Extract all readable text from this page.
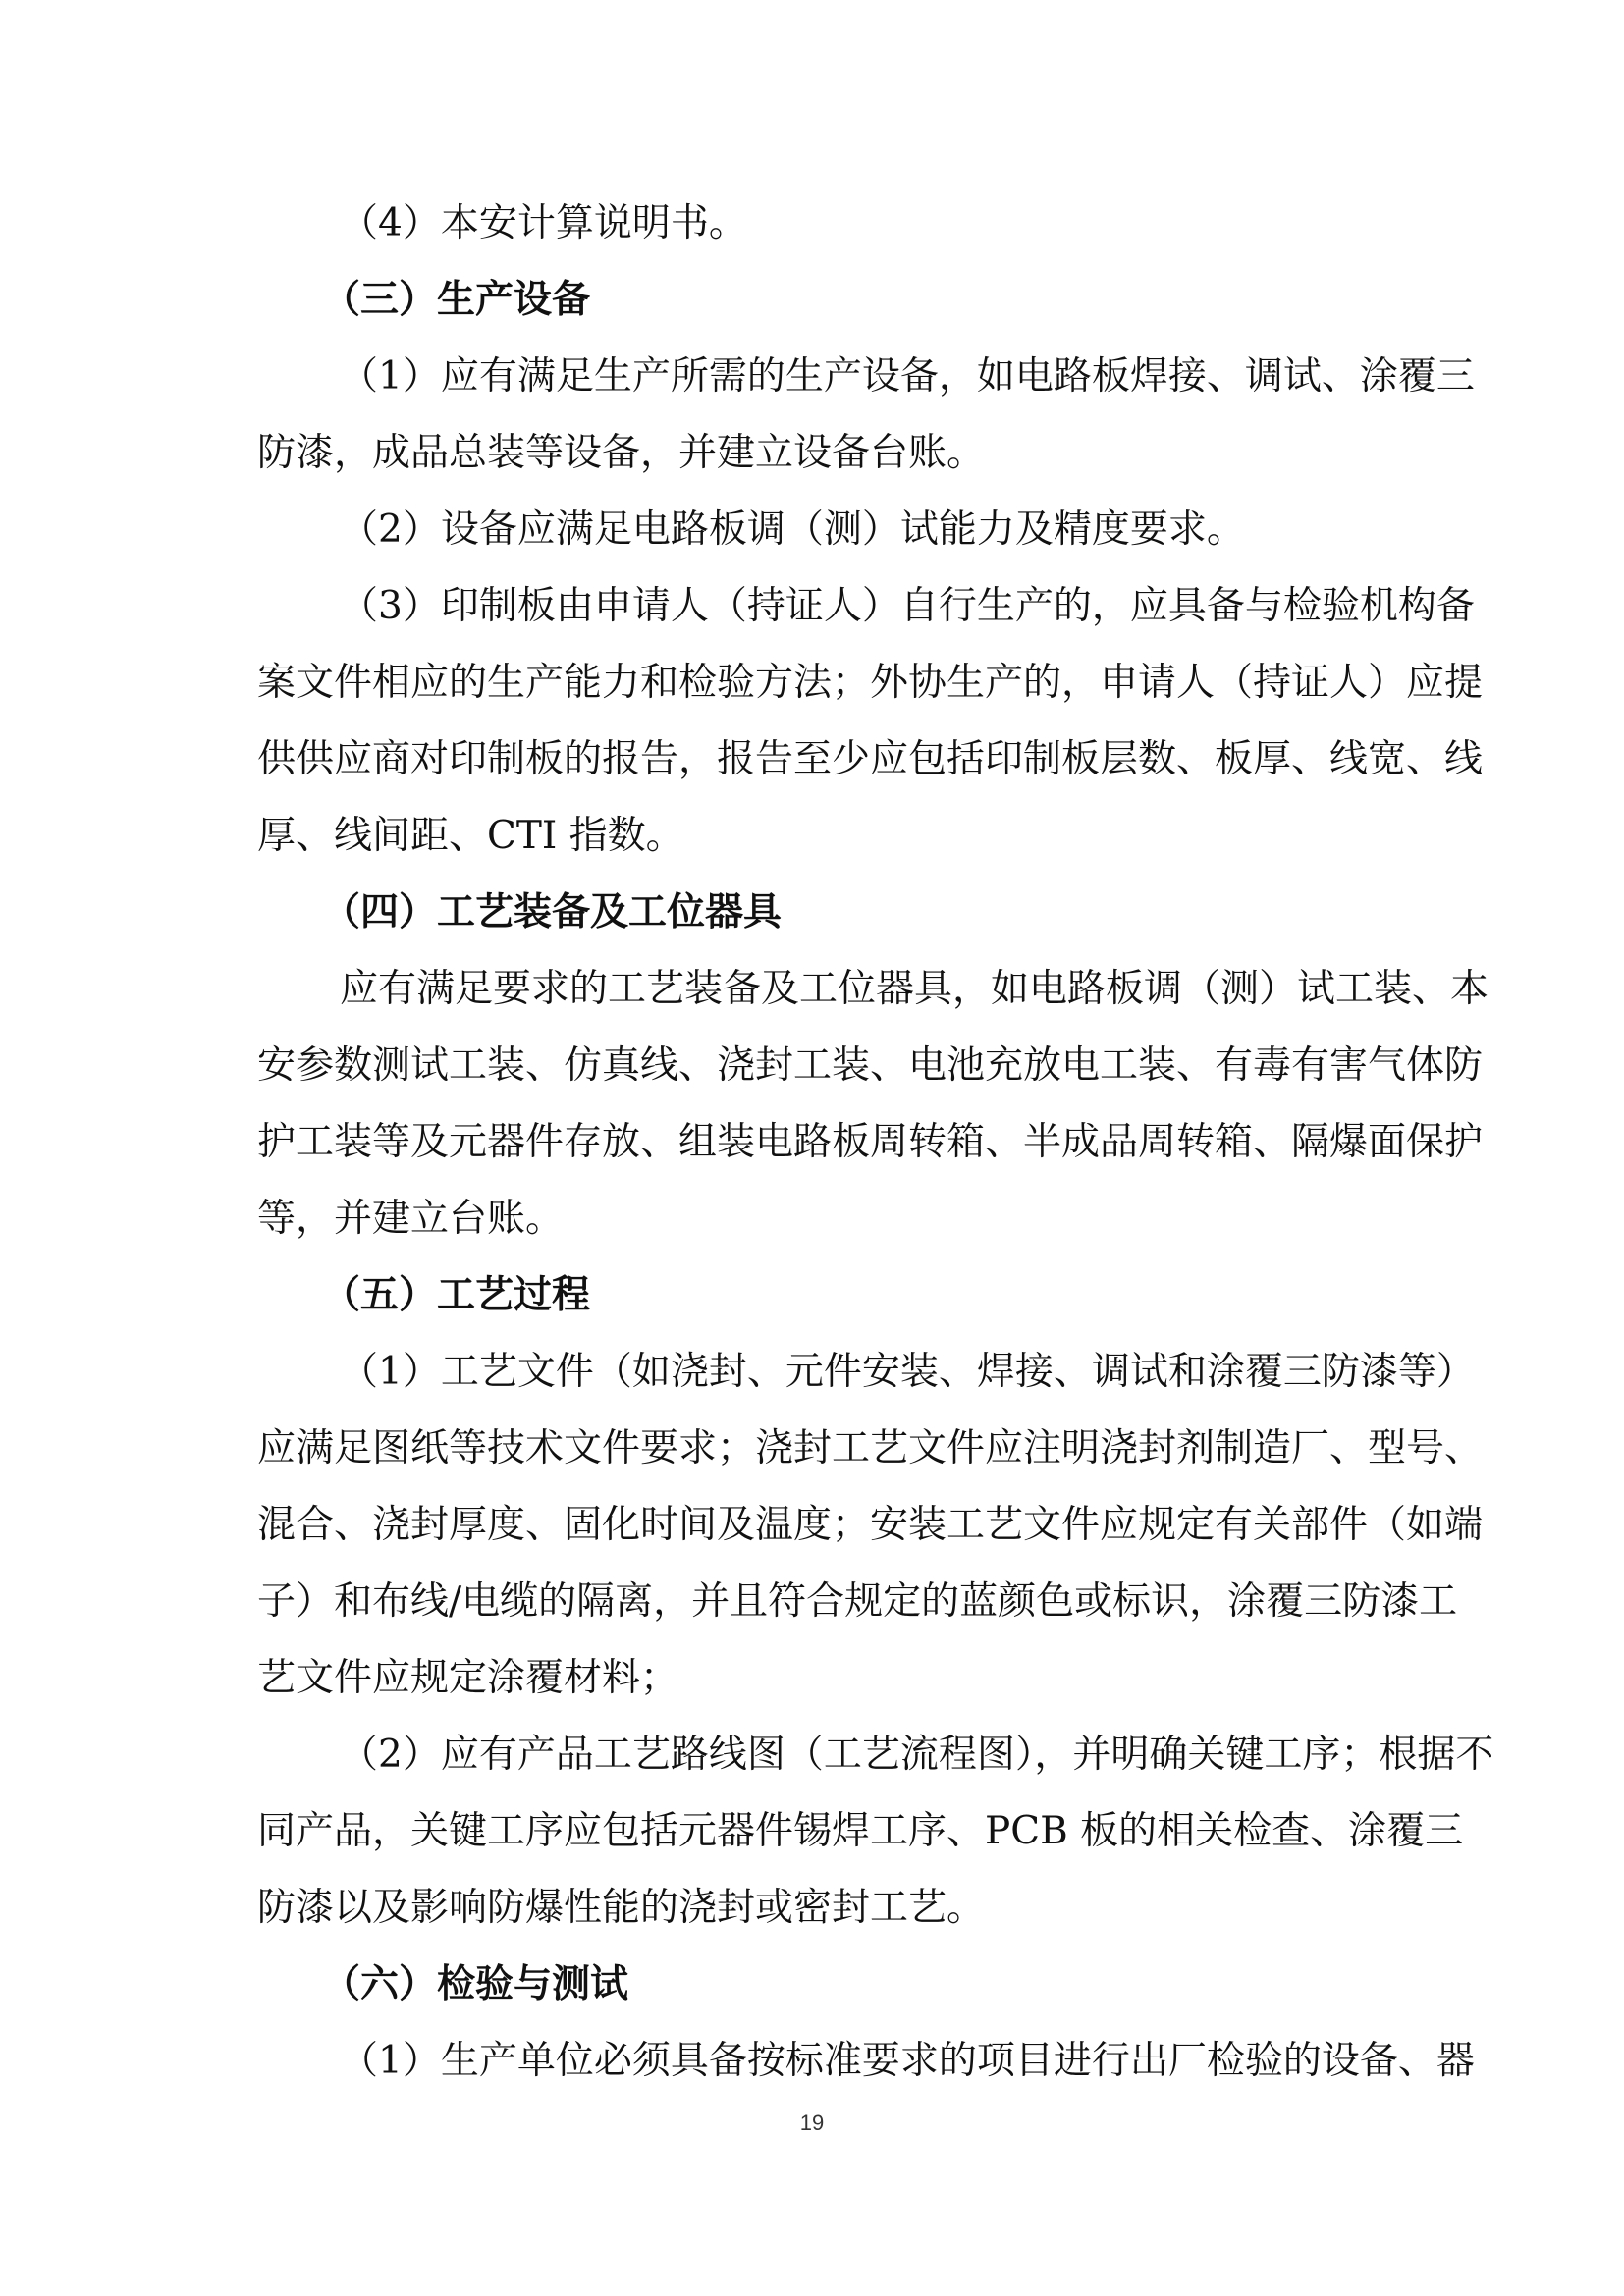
（4）本安计算说明书。
（三）生产设备
（1）应有满足生产所需的生产设备，如电路板焊接、调试、涂覆三
防漆，成品总装等设备，并建立设备台账。
（2）设备应满足电路板调（测）试能力及精度要求。
（3）印制板由申请人（持证人）自行生产的，应具备与检验机构备
案文件相应的生产能力和检验方法；外协生产的，申请人（持证人）应提
供供应商对印制板的报告，报告至少应包括印制板层数、板厚、线宽、线
厚、线间距、CTI 指数。
（四）工艺装备及工位器具
应有满足要求的工艺装备及工位器具，如电路板调（测）试工装、本
安参数测试工装、仿真线、浇封工装、电池充放电工装、有毒有害气体防
护工装等及元器件存放、组装电路板周转箱、半成品周转箱、隔爆面保护
等，并建立台账。
（五）工艺过程
（1）工艺文件（如浇封、元件安装、焊接、调试和涂覆三防漆等）
应满足图纸等技术文件要求；浇封工艺文件应注明浇封剂制造厂、型号、
混合、浇封厚度、固化时间及温度；安装工艺文件应规定有关部件（如端
子）和布线/电缆的隔离，并且符合规定的蓝颜色或标识，涂覆三防漆工
艺文件应规定涂覆材料；
（2）应有产品工艺路线图（工艺流程图），并明确关键工序；根据不
同产品，关键工序应包括元器件锡焊工序、PCB 板的相关检查、涂覆三
防漆以及影响防爆性能的浇封或密封工艺。
（六）检验与测试
（1）生产单位必须具备按标准要求的项目进行出厂检验的设备、器
19
